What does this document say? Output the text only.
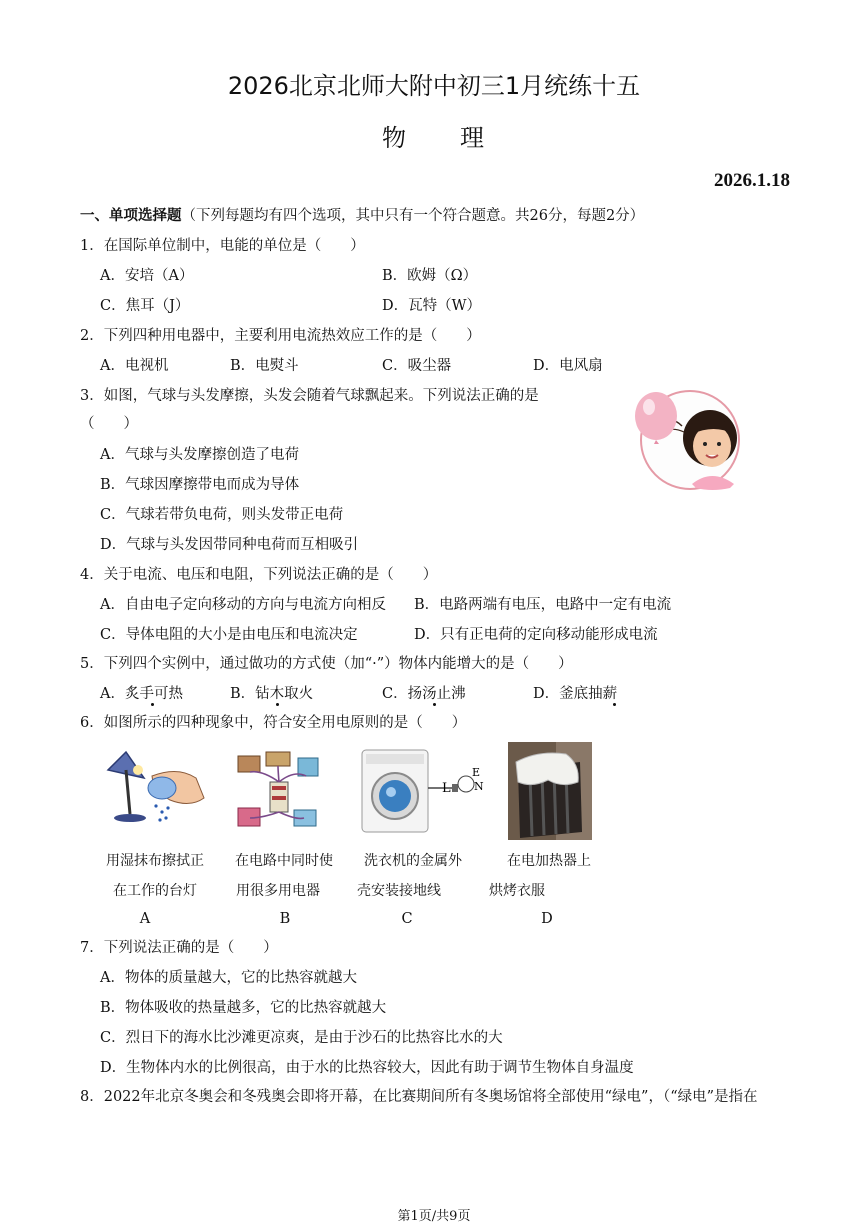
2026北京北师大附中初三1月统练十五
物　　理
2026.1.18
一、单项选择题（下列每题均有四个选项，其中只有一个符合题意。共26分，每题2分）
1．在国际单位制中，电能的单位是（　　）
A．安培（A）	B．欧姆（Ω）
C．焦耳（J）	D．瓦特（W）
2．下列四种用电器中，主要利用电流热效应工作的是（　　）
A．电视机	B．电熨斗	C．吸尘器	D．电风扇
3．如图，气球与头发摩擦，头发会随着气球飘起来。下列说法正确的是
（　　）
A．气球与头发摩擦创造了电荷
B．气球因摩擦带电而成为导体
C．气球若带负电荷，则头发带正电荷
D．气球与头发因带同种电荷而互相吸引
4．关于电流、电压和电阻，下列说法正确的是（　　）
A．自由电子定向移动的方向与电流方向相反 B．电路两端有电压，电路中一定有电流
C．导体电阻的大小是由电压和电流决定	D．只有正电荷的定向移动能形成电流
5．下列四个实例中，通过做功的方式使（加“·”）物体内能增大的是（　　）
A．炙手可热	B．钻木取火	C．扬汤止沸	D．釜底抽薪
6．如图所示的四种现象中，符合安全用电原则的是（　　）
L
E
N
用湿抹布擦拭正
在工作的台灯
A
在电路中同时使
用很多用电器
B
洗衣机的金属外
壳安装接地线
C
在电加热器上
烘烤衣服
D
7．下列说法正确的是（　　）
A．物体的质量越大，它的比热容就越大
B．物体吸收的热量越多，它的比热容就越大
C．烈日下的海水比沙滩更凉爽，是由于沙石的比热容比水的大
D．生物体内水的比例很高，由于水的比热容较大，因此有助于调节生物体自身温度
8．2022年北京冬奥会和冬残奥会即将开幕，在比赛期间所有冬奥场馆将全部使用“绿电”，（“绿电”是指在
第1页/共9页
